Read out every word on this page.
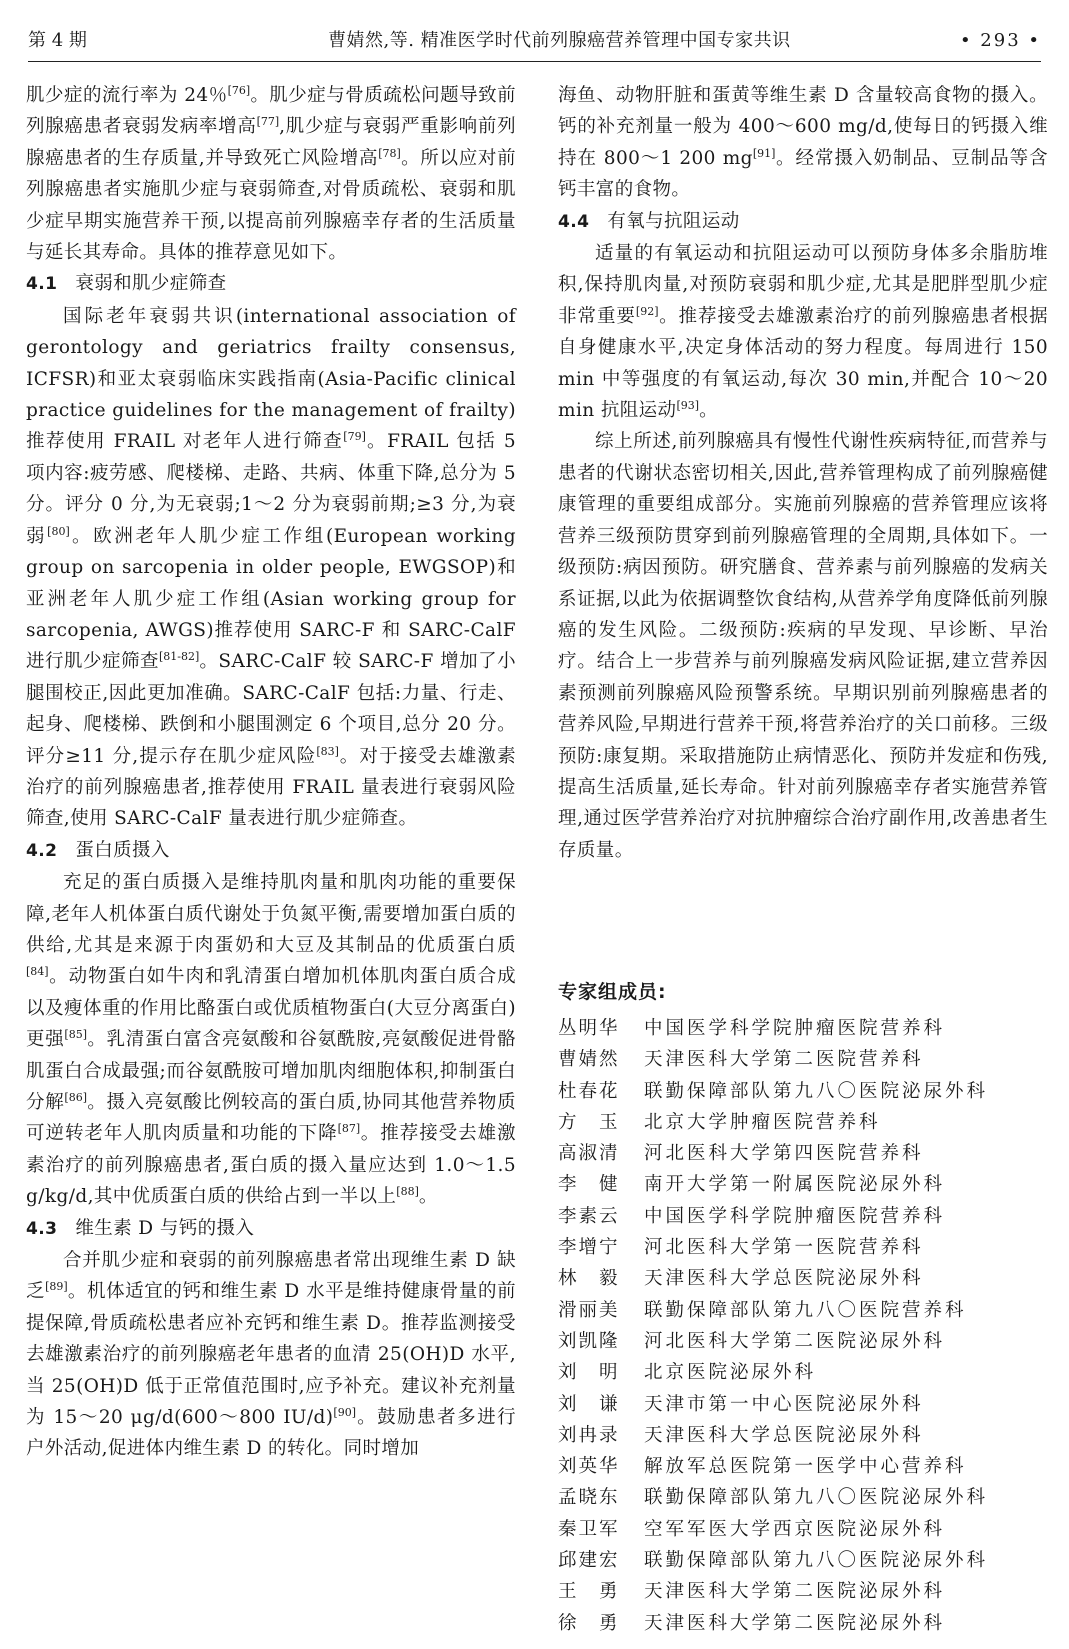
第 4 期	曹婧然,等. 精准医学时代前列腺癌营养管理中国专家共识	• 293 •

肌少症的流行率为 24％[76]。肌少症与骨质疏松问题导致前列腺癌患者衰弱发病率增高[77],肌少症与衰弱严重影响前列腺癌患者的生存质量,并导致死亡风险增高[78]。所以应对前列腺癌患者实施肌少症与衰弱筛查,对骨质疏松、衰弱和肌少症早期实施营养干预,以提高前列腺癌幸存者的生活质量与延长其寿命。具体的推荐意见如下。

4.1 衰弱和肌少症筛查

国际老年衰弱共识(international association of gerontology and geriatrics frailty consensus, ICFSR)和亚太衰弱临床实践指南(Asia-Pacific clinical practice guidelines for the management of frailty)推荐使用 FRAIL 对老年人进行筛查[79]。FRAIL 包括 5 项内容:疲劳感、爬楼梯、走路、共病、体重下降,总分为 5 分。评分 0 分,为无衰弱;1～2 分为衰弱前期;≥3 分,为衰弱[80]。欧洲老年人肌少症工作组(European working group on sarcopenia in older people, EWGSOP)和亚洲老年人肌少症工作组(Asian working group for sarcopenia, AWGS)推荐使用 SARC-F 和 SARC-CalF 进行肌少症筛查[81-82]。SARC-CalF 较 SARC-F 增加了小腿围校正,因此更加准确。SARC-CalF 包括:力量、行走、起身、爬楼梯、跌倒和小腿围测定 6 个项目,总分 20 分。评分≥11 分,提示存在肌少症风险[83]。对于接受去雄激素治疗的前列腺癌患者,推荐使用 FRAIL 量表进行衰弱风险筛查,使用 SARC-CalF 量表进行肌少症筛查。

4.2 蛋白质摄入

充足的蛋白质摄入是维持肌肉量和肌肉功能的重要保障,老年人机体蛋白质代谢处于负氮平衡,需要增加蛋白质的供给,尤其是来源于肉蛋奶和大豆及其制品的优质蛋白质[84]。动物蛋白如牛肉和乳清蛋白增加机体肌肉蛋白质合成以及瘦体重的作用比酪蛋白或优质植物蛋白(大豆分离蛋白)更强[85]。乳清蛋白富含亮氨酸和谷氨酰胺,亮氨酸促进骨骼肌蛋白合成最强;而谷氨酰胺可增加肌肉细胞体积,抑制蛋白分解[86]。摄入亮氨酸比例较高的蛋白质,协同其他营养物质可逆转老年人肌肉质量和功能的下降[87]。推荐接受去雄激素治疗的前列腺癌患者,蛋白质的摄入量应达到 1.0～1.5 g/kg/d,其中优质蛋白质的供给占到一半以上[88]。

4.3 维生素 D 与钙的摄入

合并肌少症和衰弱的前列腺癌患者常出现维生素 D 缺乏[89]。机体适宜的钙和维生素 D 水平是维持健康骨量的前提保障,骨质疏松患者应补充钙和维生素 D。推荐监测接受去雄激素治疗的前列腺癌老年患者的血清 25(OH)D 水平,当 25(OH)D 低于正常值范围时,应予补充。建议补充剂量为 15～20 μg/d(600～800 IU/d)[90]。鼓励患者多进行户外活动,促进体内维生素 D 的转化。同时增加

海鱼、动物肝脏和蛋黄等维生素 D 含量较高食物的摄入。钙的补充剂量一般为 400～600 mg/d,使每日的钙摄入维持在 800～1 200 mg[91]。经常摄入奶制品、豆制品等含钙丰富的食物。

4.4 有氧与抗阻运动

适量的有氧运动和抗阻运动可以预防身体多余脂肪堆积,保持肌肉量,对预防衰弱和肌少症,尤其是肥胖型肌少症非常重要[92]。推荐接受去雄激素治疗的前列腺癌患者根据自身健康水平,决定身体活动的努力程度。每周进行 150 min 中等强度的有氧运动,每次 30 min,并配合 10～20 min 抗阻运动[93]。

综上所述,前列腺癌具有慢性代谢性疾病特征,而营养与患者的代谢状态密切相关,因此,营养管理构成了前列腺癌健康管理的重要组成部分。实施前列腺癌的营养管理应该将营养三级预防贯穿到前列腺癌管理的全周期,具体如下。一级预防:病因预防。研究膳食、营养素与前列腺癌的发病关系证据,以此为依据调整饮食结构,从营养学角度降低前列腺癌的发生风险。二级预防:疾病的早发现、早诊断、早治疗。结合上一步营养与前列腺癌发病风险证据,建立营养因素预测前列腺癌风险预警系统。早期识别前列腺癌患者的营养风险,早期进行营养干预,将营养治疗的关口前移。三级预防:康复期。采取措施防止病情恶化、预防并发症和伤残,提高生活质量,延长寿命。针对前列腺癌幸存者实施营养管理,通过医学营养治疗对抗肿瘤综合治疗副作用,改善患者生存质量。

专家组成员:
丛明华 中国医学科学院肿瘤医院营养科
曹婧然 天津医科大学第二医院营养科
杜春花 联勤保障部队第九八〇医院泌尿外科
方　玉 北京大学肿瘤医院营养科
高淑清 河北医科大学第四医院营养科
李　健 南开大学第一附属医院泌尿外科
李素云 中国医学科学院肿瘤医院营养科
李增宁 河北医科大学第一医院营养科
林　毅 天津医科大学总医院泌尿外科
滑丽美 联勤保障部队第九八〇医院营养科
刘凯隆 河北医科大学第二医院泌尿外科
刘　明 北京医院泌尿外科
刘　谦 天津市第一中心医院泌尿外科
刘冉录 天津医科大学总医院泌尿外科
刘英华 解放军总医院第一医学中心营养科
孟晓东 联勤保障部队第九八〇医院泌尿外科
秦卫军 空军军医大学西京医院泌尿外科
邱建宏 联勤保障部队第九八〇医院泌尿外科
王　勇 天津医科大学第二医院泌尿外科
徐　勇 天津医科大学第二医院泌尿外科
